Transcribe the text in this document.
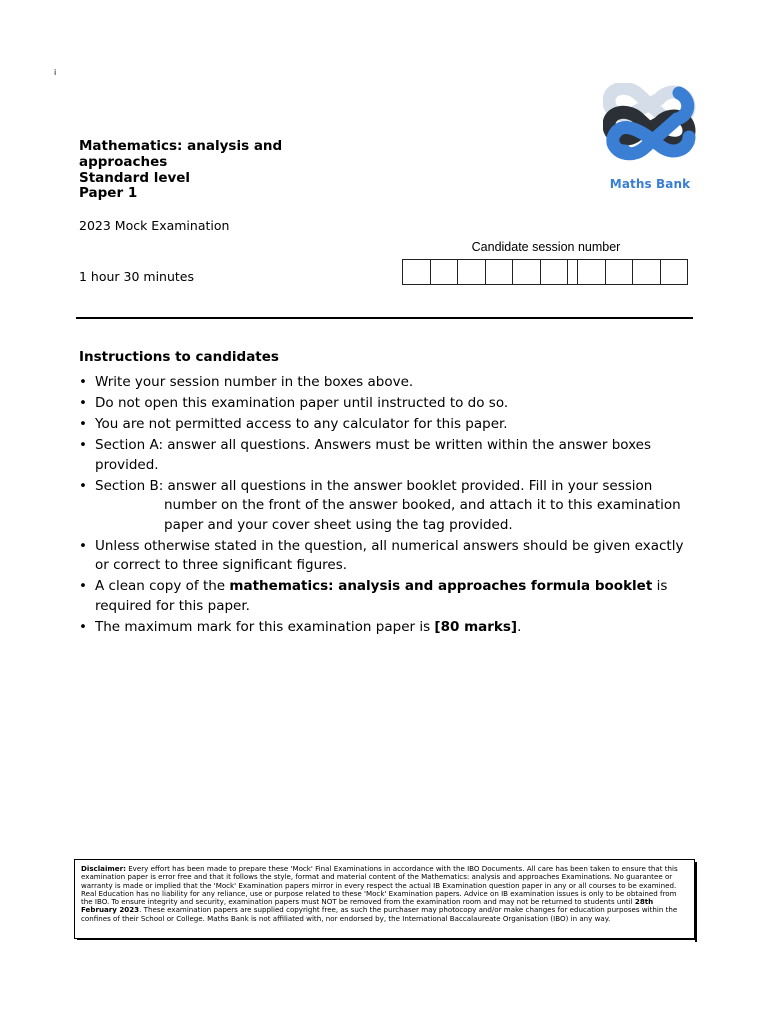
i
Mathematics: analysis and
approaches
Standard level
Paper 1
2023 Mock Examination
1 hour 30 minutes
Maths Bank
Candidate session number
Instructions to candidates
• Write your session number in the boxes above.
• Do not open this examination paper until instructed to do so.
• You are not permitted access to any calculator for this paper.
• Section A: answer all questions. Answers must be written within the answer boxes provided.
• Section B: answer all questions in the answer booklet provided. Fill in your session
number on the front of the answer booked, and attach it to this examination paper and your cover sheet using the tag provided.
• Unless otherwise stated in the question, all numerical answers should be given exactly or correct to three significant figures.
• A clean copy of the mathematics: analysis and approaches formula booklet is required for this paper.
• The maximum mark for this examination paper is [80 marks].
Disclaimer: Every effort has been made to prepare these 'Mock' Final Examinations in accordance with the IBO Documents. All care has been taken to ensure that this examination paper is error free and that it follows the style, format and material content of the Mathematics: analysis and approaches Examinations. No guarantee or warranty is made or implied that the 'Mock' Examination papers mirror in every respect the actual IB Examination question paper in any or all courses to be examined. Real Education has no liability for any reliance, use or purpose related to these 'Mock' Examination papers. Advice on IB examination issues is only to be obtained from the IBO. To ensure integrity and security, examination papers must NOT be removed from the examination room and may not be returned to students until 28th February 2023. These examination papers are supplied copyright free, as such the purchaser may photocopy and/or make changes for education purposes within the confines of their School or College. Maths Bank is not affiliated with, nor endorsed by, the International Baccalaureate Organisation (IBO) in any way.
